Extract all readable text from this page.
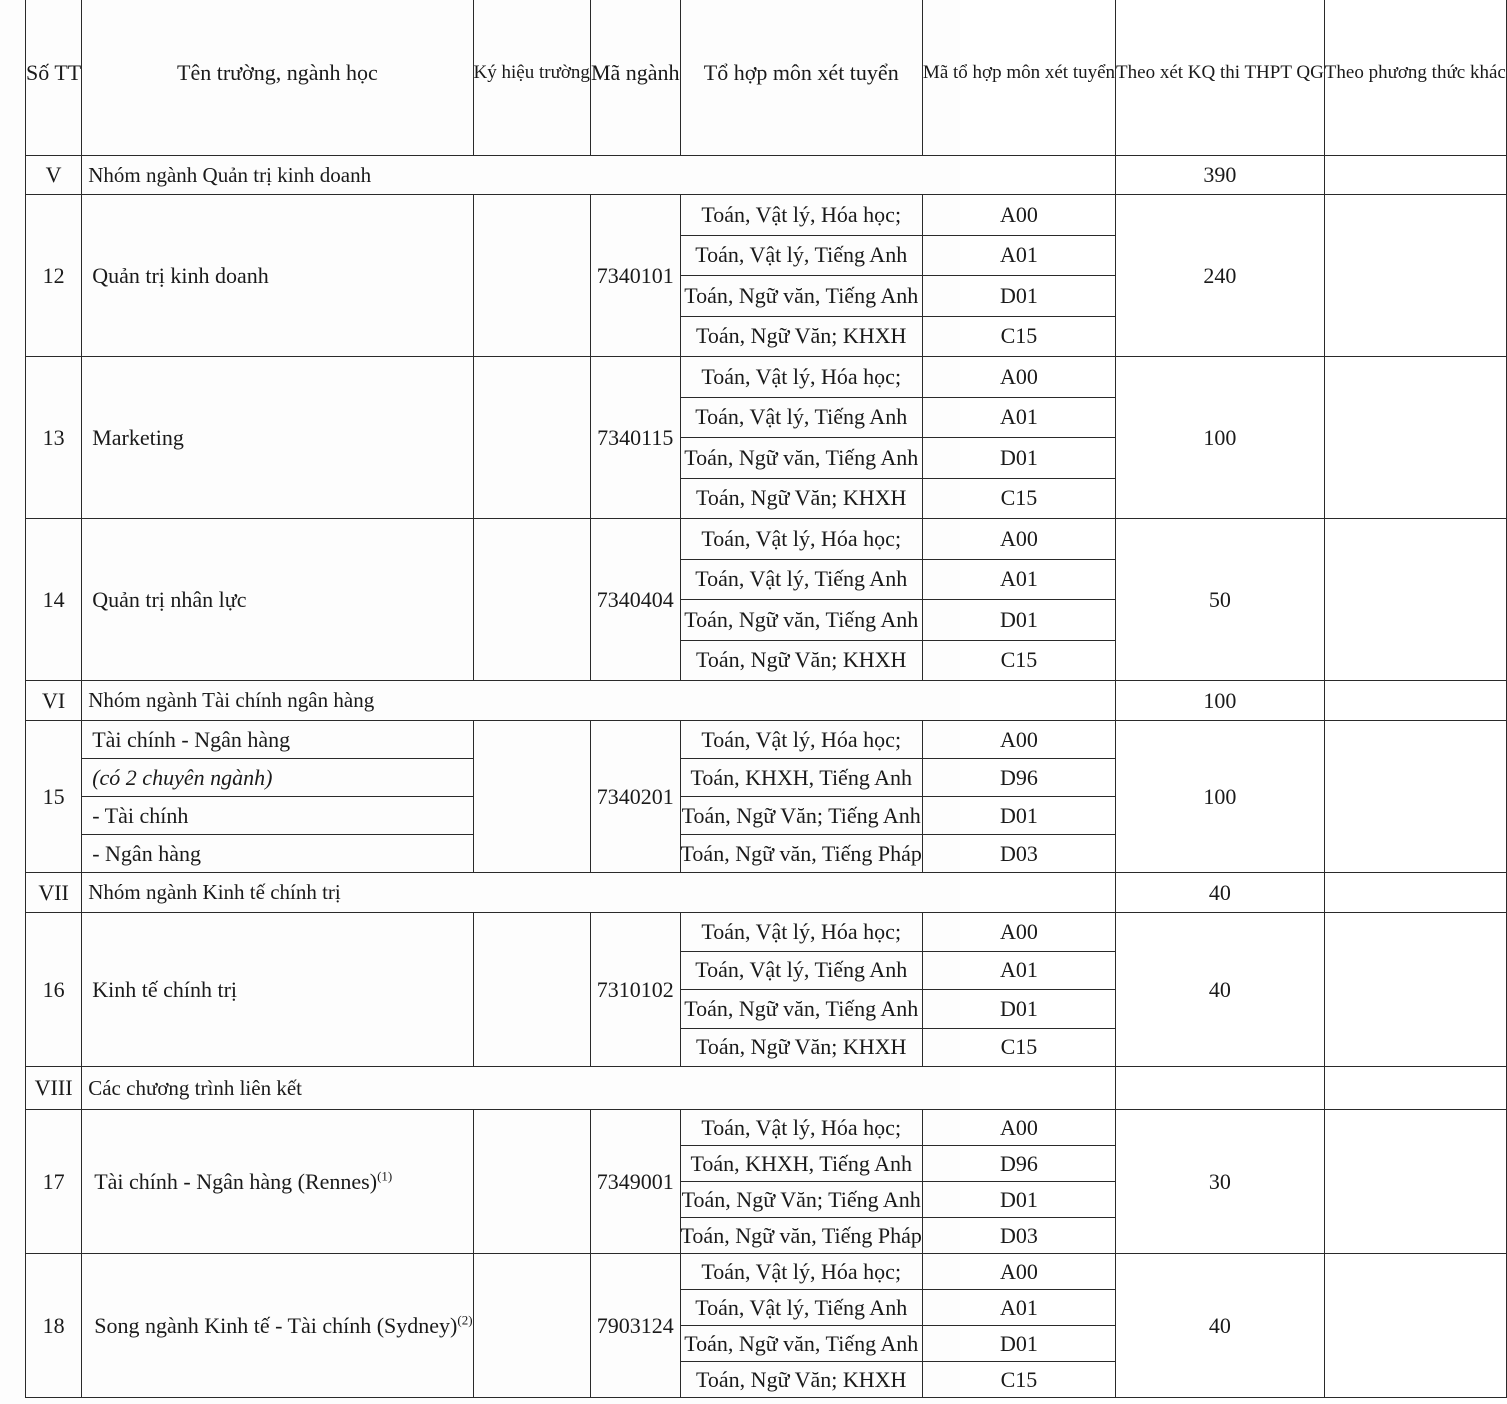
Số TT	Tên trường, ngành học	Ký hiệu trường	Mã ngành	Tổ hợp môn xét tuyển	Mã tổ hợp môn xét tuyển	Theo xét KQ thi THPT QG	Theo phương thức khác
V	Nhóm ngành Quản trị kinh doanh					390	
12	Quản trị kinh doanh		7340101	Toán, Vật lý, Hóa học;	A00	240	
				Toán, Vật lý, Tiếng Anh	A01		
				Toán, Ngữ văn, Tiếng Anh	D01		
				Toán, Ngữ Văn; KHXH	C15		
13	Marketing		7340115	Toán, Vật lý, Hóa học;	A00	100	
				Toán, Vật lý, Tiếng Anh	A01		
				Toán, Ngữ văn, Tiếng Anh	D01		
				Toán, Ngữ Văn; KHXH	C15		
14	Quản trị nhân lực		7340404	Toán, Vật lý, Hóa học;	A00	50	
				Toán, Vật lý, Tiếng Anh	A01		
				Toán, Ngữ văn, Tiếng Anh	D01		
				Toán, Ngữ Văn; KHXH	C15		
VI	Nhóm ngành Tài chính ngân hàng					100	
15	Tài chính - Ngân hàng		7340201	Toán, Vật lý, Hóa học;	A00	100	
	(có 2 chuyên ngành)			Toán, KHXH, Tiếng Anh	D96		
	- Tài chính			Toán, Ngữ Văn; Tiếng Anh	D01		
	- Ngân hàng			Toán, Ngữ văn, Tiếng Pháp	D03		
VII	Nhóm ngành Kinh tế chính trị					40	
16	Kinh tế chính trị		7310102	Toán, Vật lý, Hóa học;	A00	40	
				Toán, Vật lý, Tiếng Anh	A01		
				Toán, Ngữ văn, Tiếng Anh	D01		
				Toán, Ngữ Văn; KHXH	C15		
VIII	Các chương trình liên kết						
17	Tài chính - Ngân hàng (Rennes)$^{(1)}$		7349001	Toán, Vật lý, Hóa học;	A00	30	
				Toán, KHXH, Tiếng Anh	D96		
				Toán, Ngữ Văn; Tiếng Anh	D01		
				Toán, Ngữ văn, Tiếng Pháp	D03		
18	Song ngành Kinh tế - Tài chính (Sydney)$^{(2)}$		7903124	Toán, Vật lý, Hóa học;	A00	40	
				Toán, Vật lý, Tiếng Anh	A01		
				Toán, Ngữ văn, Tiếng Anh	D01		
				Toán, Ngữ Văn; KHXH	C15		
